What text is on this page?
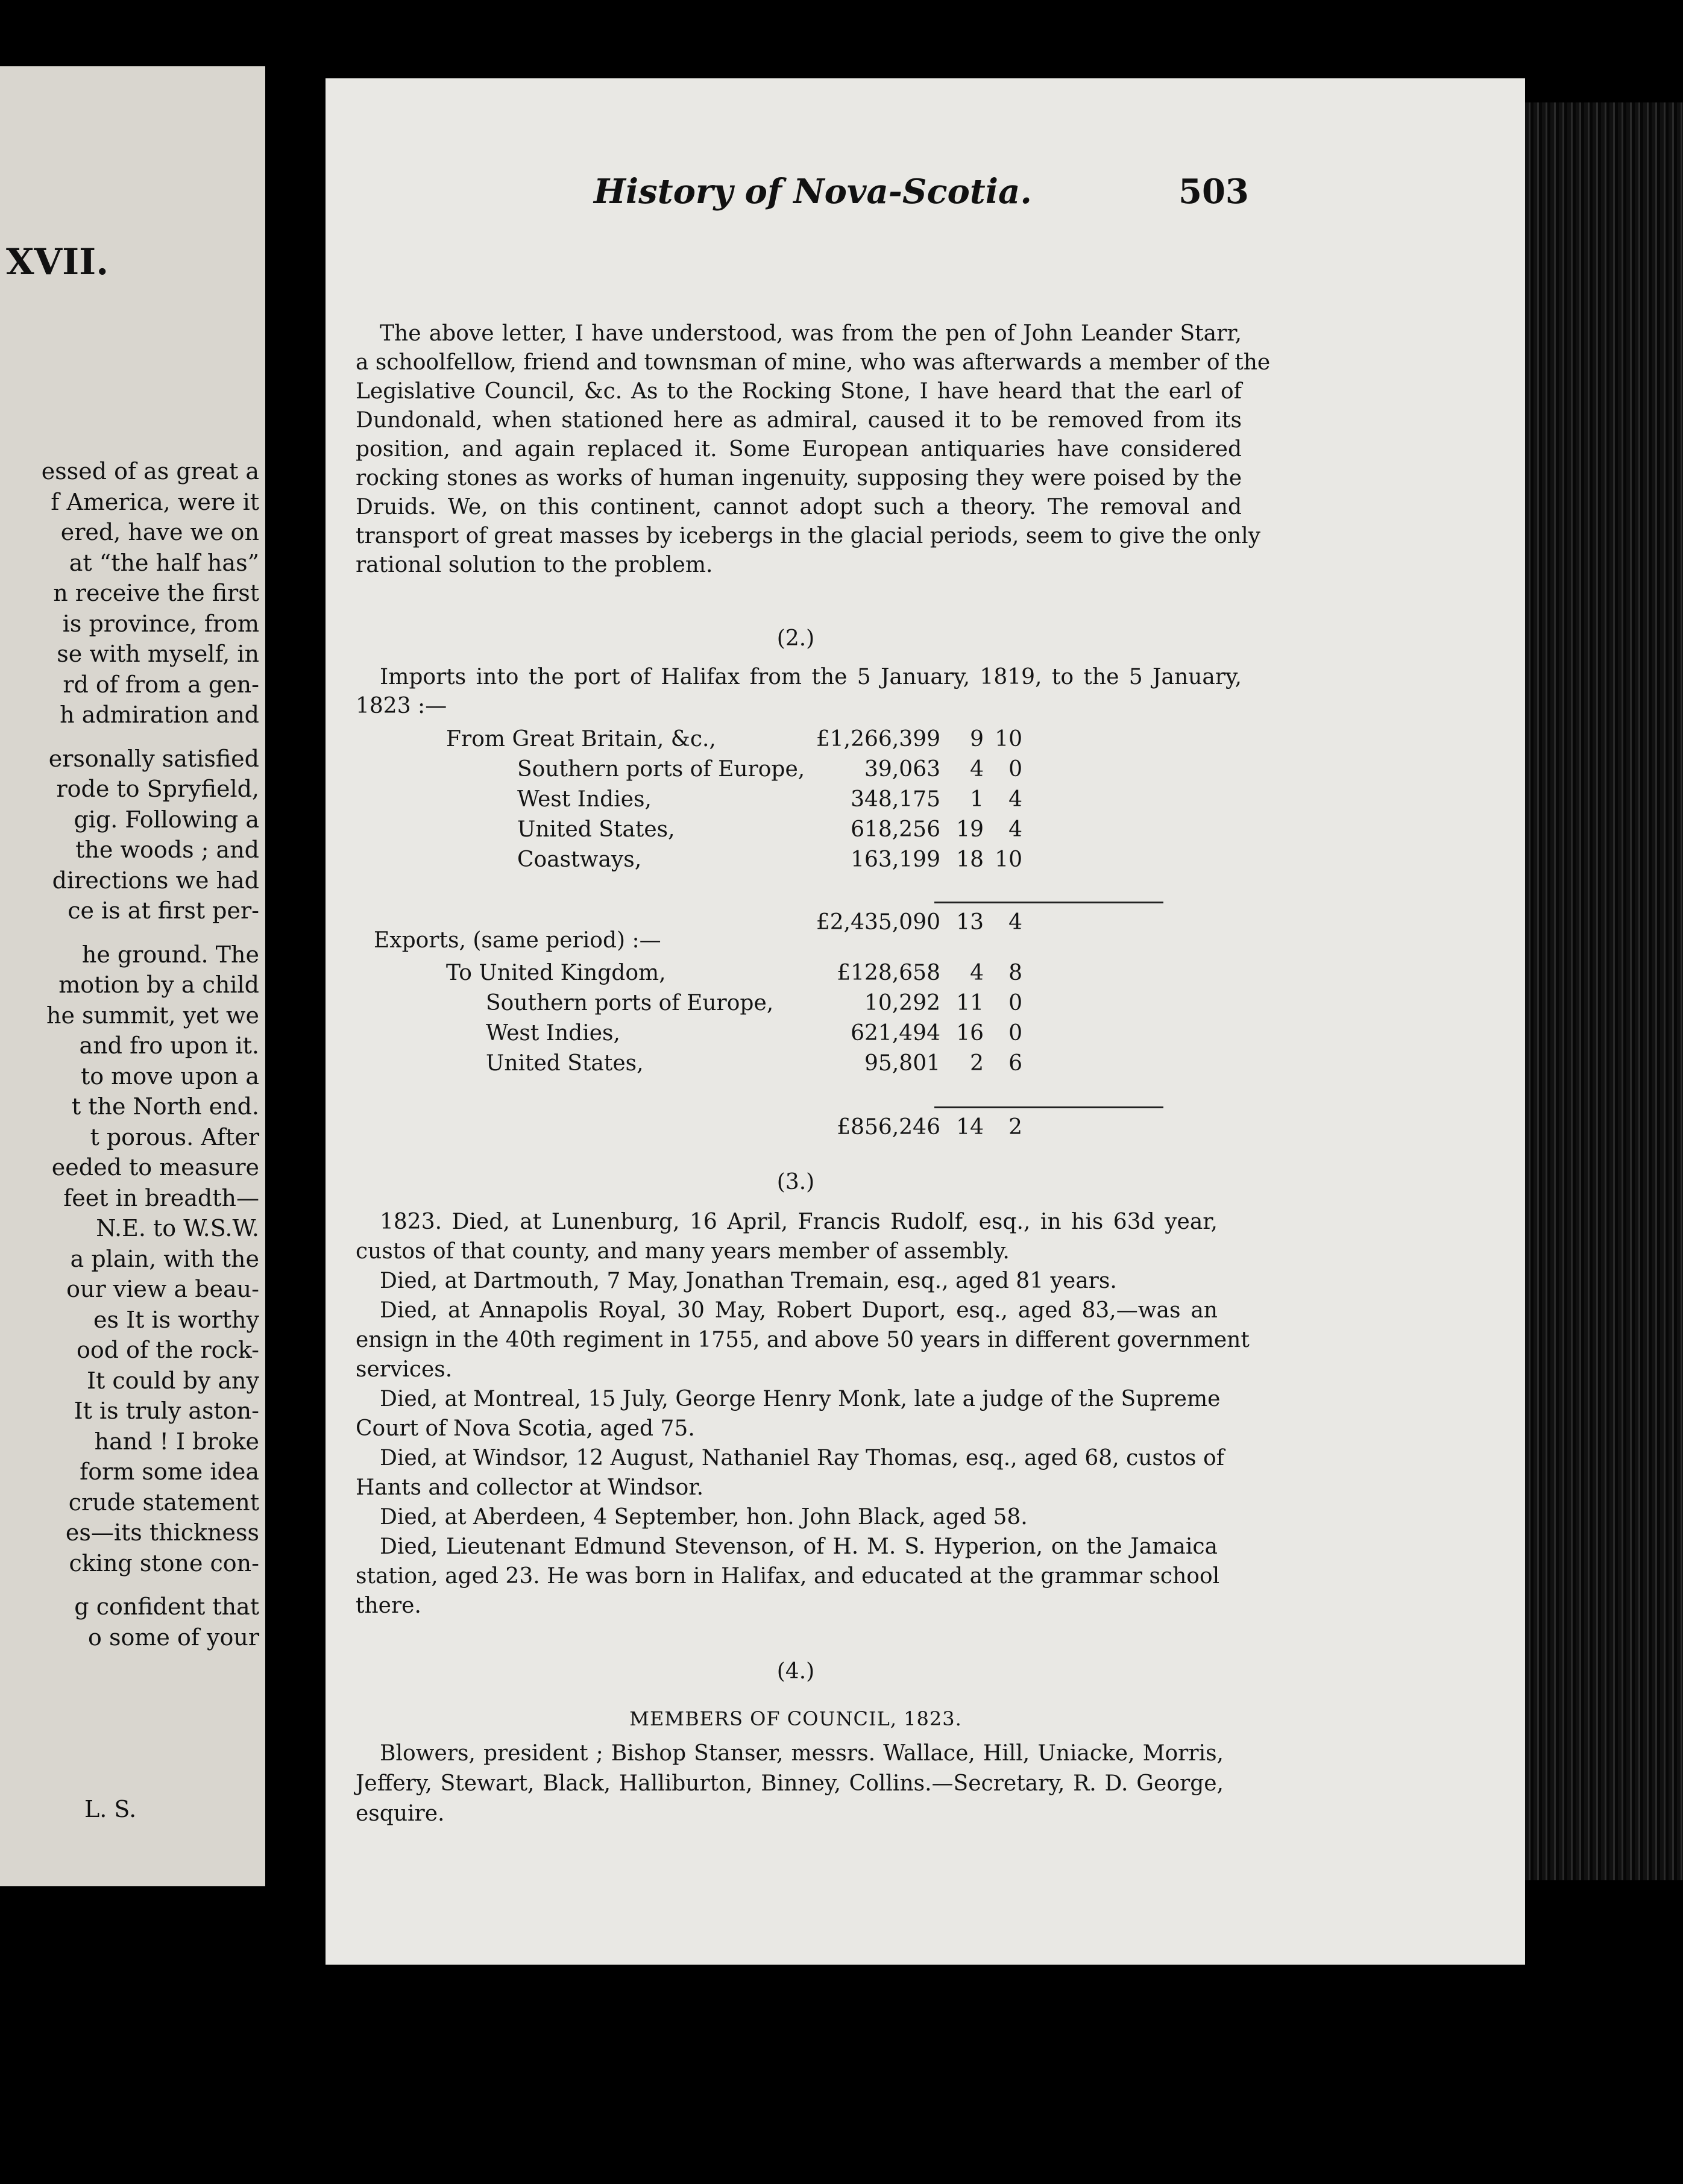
XVII.
essed of as great a
f America, were it
ered, have we on
at “the half has”
n receive the first
is province, from
se with myself, in
rd of from a gen-
h admiration and
ersonally satisfied
rode to Spryfield,
gig. Following a
the woods ; and
directions we had
ce is at first per-
he ground. The
motion by a child
he summit, yet we
and fro upon it.
to move upon a
t the North end.
t porous. After
eeded to measure
feet in breadth—
N.E. to W.S.W.
a plain, with the
our view a beau-
es It is worthy
ood of the rock-
It could by any
It is truly aston-
hand ! I broke
form some idea
crude statement
es—its thickness
cking stone con-
g confident that
o some of your
L. S.
History of Nova-Scotia.	503
The above letter, I have understood, was from the pen of John Leander Starr,
a schoolfellow, friend and townsman of mine, who was afterwards a member of the
Legislative Council, &c. As to the Rocking Stone, I have heard that the earl of
Dundonald, when stationed here as admiral, caused it to be removed from its
position, and again replaced it. Some European antiquaries have considered
rocking stones as works of human ingenuity, supposing they were poised by the
Druids. We, on this continent, cannot adopt such a theory. The removal and
transport of great masses by icebergs in the glacial periods, seem to give the only
rational solution to the problem.
(2.)
Imports into the port of Halifax from the 5 January, 1819, to the 5 January,
1823 :—
From Great Britain, &c.,	£1,266,399	9 10
Southern ports of Europe,	39,063	4	0
West Indies,	348,175	1	4
United States,	618,256 19	4
Coastways,	163,199 18 10
£2,435,090 13	4
Exports, (same period) :—
To United Kingdom,	£128,658	4	8
Southern ports of Europe,	10,292 11	0
West Indies,	621,494 16	0
United States,	95,801	2	6
£856,246 14	2
(3.)
1823. Died, at Lunenburg, 16 April, Francis Rudolf, esq., in his 63d year,
custos of that county, and many years member of assembly.
Died, at Dartmouth, 7 May, Jonathan Tremain, esq., aged 81 years.
Died, at Annapolis Royal, 30 May, Robert Duport, esq., aged 83,—was an
ensign in the 40th regiment in 1755, and above 50 years in different government
services.
Died, at Montreal, 15 July, George Henry Monk, late a judge of the Supreme
Court of Nova Scotia, aged 75.
Died, at Windsor, 12 August, Nathaniel Ray Thomas, esq., aged 68, custos of
Hants and collector at Windsor.
Died, at Aberdeen, 4 September, hon. John Black, aged 58.
Died, Lieutenant Edmund Stevenson, of H. M. S. Hyperion, on the Jamaica
station, aged 23. He was born in Halifax, and educated at the grammar school
there.
(4.)
MEMBERS OF COUNCIL, 1823.
Blowers, president ; Bishop Stanser, messrs. Wallace, Hill, Uniacke, Morris,
Jeffery, Stewart, Black, Halliburton, Binney, Collins.—Secretary, R. D. George,
esquire.
